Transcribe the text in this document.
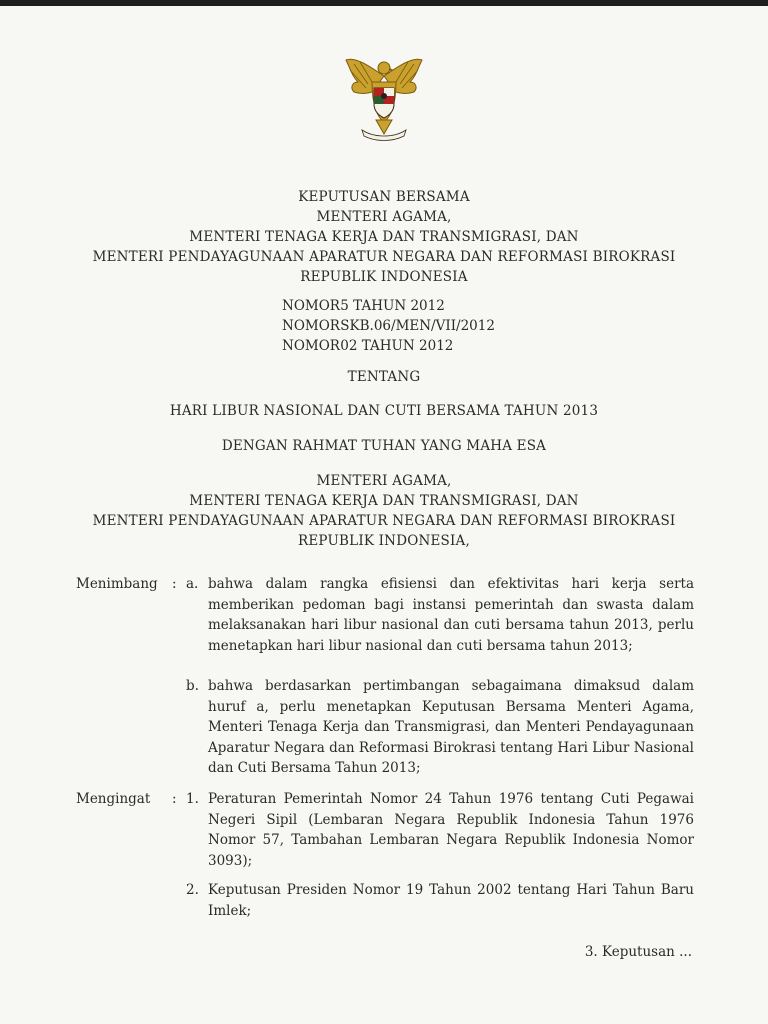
KEPUTUSAN BERSAMA
MENTERI AGAMA,
MENTERI TENAGA KERJA DAN TRANSMIGRASI, DAN
MENTERI PENDAYAGUNAAN APARATUR NEGARA DAN REFORMASI BIROKRASI
REPUBLIK INDONESIA
NOMOR 5 TAHUN 2012
NOMOR SKB.06/MEN/VII/2012
NOMOR 02 TAHUN 2012
TENTANG
HARI LIBUR NASIONAL DAN CUTI BERSAMA TAHUN 2013
DENGAN RAHMAT TUHAN YANG MAHA ESA
MENTERI AGAMA,
MENTERI TENAGA KERJA DAN TRANSMIGRASI, DAN
MENTERI PENDAYAGUNAAN APARATUR NEGARA DAN REFORMASI BIROKRASI
REPUBLIK INDONESIA,
Menimbang : a. bahwa dalam rangka efisiensi dan efektivitas hari kerja serta memberikan pedoman bagi instansi pemerintah dan swasta dalam melaksanakan hari libur nasional dan cuti bersama tahun 2013, perlu menetapkan hari libur nasional dan cuti bersama tahun 2013;
b. bahwa berdasarkan pertimbangan sebagaimana dimaksud dalam huruf a, perlu menetapkan Keputusan Bersama Menteri Agama, Menteri Tenaga Kerja dan Transmigrasi, dan Menteri Pendayagunaan Aparatur Negara dan Reformasi Birokrasi tentang Hari Libur Nasional dan Cuti Bersama Tahun 2013;
Mengingat : 1. Peraturan Pemerintah Nomor 24 Tahun 1976 tentang Cuti Pegawai Negeri Sipil (Lembaran Negara Republik Indonesia Tahun 1976 Nomor 57, Tambahan Lembaran Negara Republik Indonesia Nomor 3093);
2. Keputusan Presiden Nomor 19 Tahun 2002 tentang Hari Tahun Baru Imlek;
3. Keputusan ...
